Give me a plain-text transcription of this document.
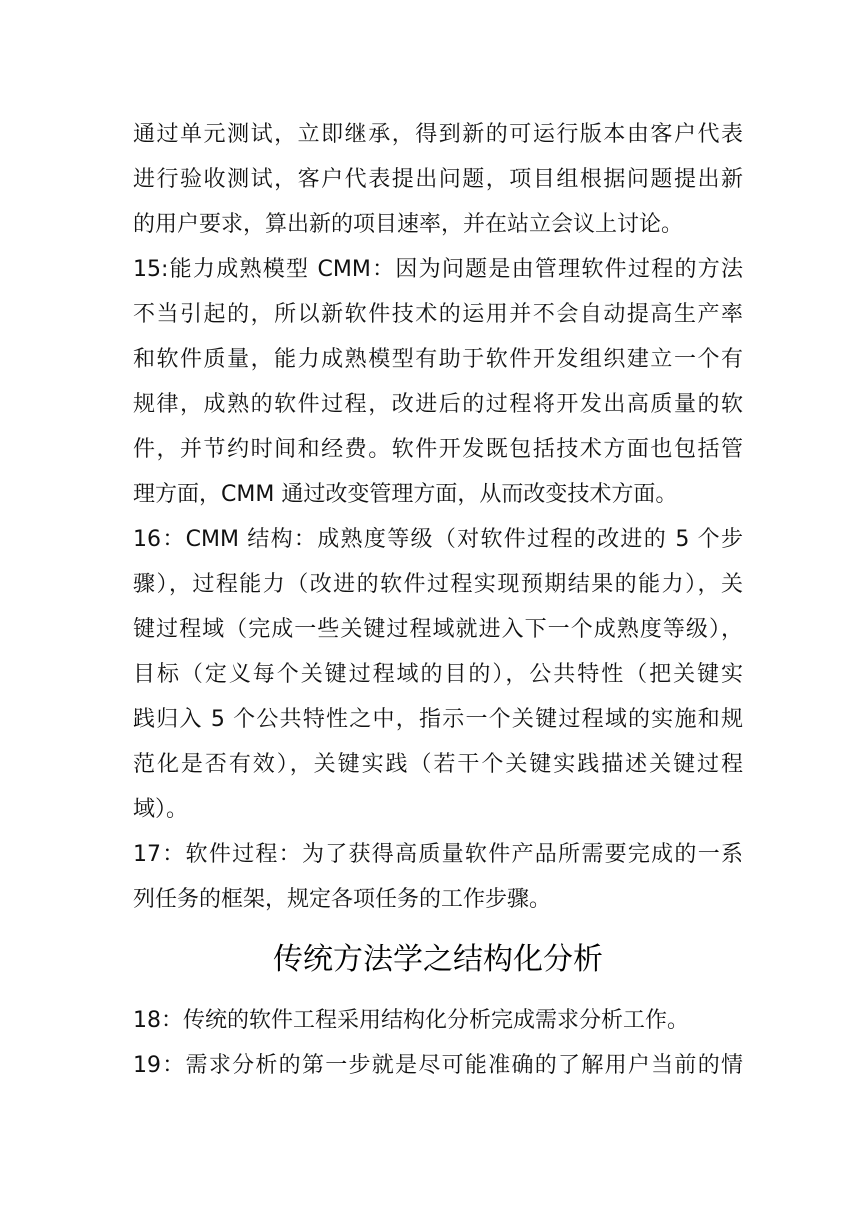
通过单元测试，立即继承，得到新的可运行版本由客户代表
进行验收测试，客户代表提出问题，项目组根据问题提出新
的用户要求，算出新的项目速率，并在站立会议上讨论。
15:能力成熟模型 CMM：因为问题是由管理软件过程的方法
不当引起的，所以新软件技术的运用并不会自动提高生产率
和软件质量，能力成熟模型有助于软件开发组织建立一个有
规律，成熟的软件过程，改进后的过程将开发出高质量的软
件，并节约时间和经费。软件开发既包括技术方面也包括管
理方面，CMM 通过改变管理方面，从而改变技术方面。
16：CMM 结构：成熟度等级（对软件过程的改进的 5 个步
骤），过程能力（改进的软件过程实现预期结果的能力），关
键过程域（完成一些关键过程域就进入下一个成熟度等级），
目标（定义每个关键过程域的目的），公共特性（把关键实
践归入 5 个公共特性之中，指示一个关键过程域的实施和规
范化是否有效），关键实践（若干个关键实践描述关键过程
域）。
17：软件过程：为了获得高质量软件产品所需要完成的一系
列任务的框架，规定各项任务的工作步骤。
传统方法学之结构化分析
18：传统的软件工程采用结构化分析完成需求分析工作。
19：需求分析的第一步就是尽可能准确的了解用户当前的情
